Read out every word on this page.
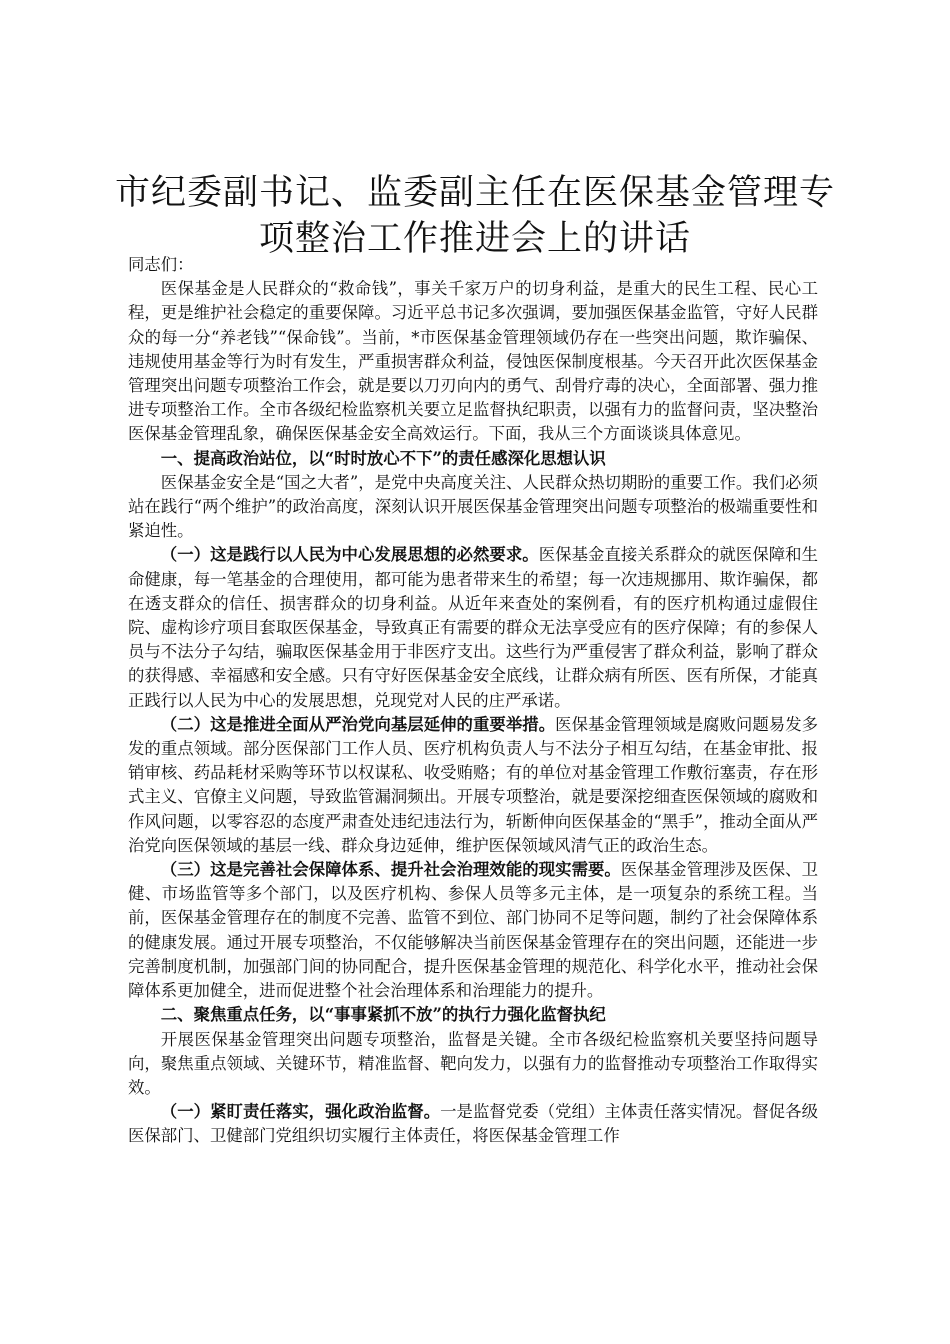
市纪委副书记、监委副主任在医保基金管理专
项整治工作推进会上的讲话

同志们：

医保基金是人民群众的“救命钱”，事关千家万户的切身利益，是重大的民生工程、民心工程，更是维护社会稳定的重要保障。习近平总书记多次强调，要加强医保基金监管，守好人民群众的每一分“养老钱”“保命钱”。当前，*市医保基金管理领域仍存在一些突出问题，欺诈骗保、违规使用基金等行为时有发生，严重损害群众利益，侵蚀医保制度根基。今天召开此次医保基金管理突出问题专项整治工作会，就是要以刀刃向内的勇气、刮骨疗毒的决心，全面部署、强力推进专项整治工作。全市各级纪检监察机关要立足监督执纪职责，以强有力的监督问责，坚决整治医保基金管理乱象，确保医保基金安全高效运行。下面，我从三个方面谈谈具体意见。

一、提高政治站位，以“时时放心不下”的责任感深化思想认识

医保基金安全是“国之大者”，是党中央高度关注、人民群众热切期盼的重要工作。我们必须站在践行“两个维护”的政治高度，深刻认识开展医保基金管理突出问题专项整治的极端重要性和紧迫性。

（一）这是践行以人民为中心发展思想的必然要求。医保基金直接关系群众的就医保障和生命健康，每一笔基金的合理使用，都可能为患者带来生的希望；每一次违规挪用、欺诈骗保，都在透支群众的信任、损害群众的切身利益。从近年来查处的案例看，有的医疗机构通过虚假住院、虚构诊疗项目套取医保基金，导致真正有需要的群众无法享受应有的医疗保障；有的参保人员与不法分子勾结，骗取医保基金用于非医疗支出。这些行为严重侵害了群众利益，影响了群众的获得感、幸福感和安全感。只有守好医保基金安全底线，让群众病有所医、医有所保，才能真正践行以人民为中心的发展思想，兑现党对人民的庄严承诺。

（二）这是推进全面从严治党向基层延伸的重要举措。医保基金管理领域是腐败问题易发多发的重点领域。部分医保部门工作人员、医疗机构负责人与不法分子相互勾结，在基金审批、报销审核、药品耗材采购等环节以权谋私、收受贿赂；有的单位对基金管理工作敷衍塞责，存在形式主义、官僚主义问题，导致监管漏洞频出。开展专项整治，就是要深挖细查医保领域的腐败和作风问题，以零容忍的态度严肃查处违纪违法行为，斩断伸向医保基金的“黑手”，推动全面从严治党向医保领域的基层一线、群众身边延伸，维护医保领域风清气正的政治生态。

（三）这是完善社会保障体系、提升社会治理效能的现实需要。医保基金管理涉及医保、卫健、市场监管等多个部门，以及医疗机构、参保人员等多元主体，是一项复杂的系统工程。当前，医保基金管理存在的制度不完善、监管不到位、部门协同不足等问题，制约了社会保障体系的健康发展。通过开展专项整治，不仅能够解决当前医保基金管理存在的突出问题，还能进一步完善制度机制，加强部门间的协同配合，提升医保基金管理的规范化、科学化水平，推动社会保障体系更加健全，进而促进整个社会治理体系和治理能力的提升。

二、聚焦重点任务，以“事事紧抓不放”的执行力强化监督执纪

开展医保基金管理突出问题专项整治，监督是关键。全市各级纪检监察机关要坚持问题导向，聚焦重点领域、关键环节，精准监督、靶向发力，以强有力的监督推动专项整治工作取得实效。

（一）紧盯责任落实，强化政治监督。一是监督党委（党组）主体责任落实情况。督促各级医保部门、卫健部门党组织切实履行主体责任，将医保基金管理工作
